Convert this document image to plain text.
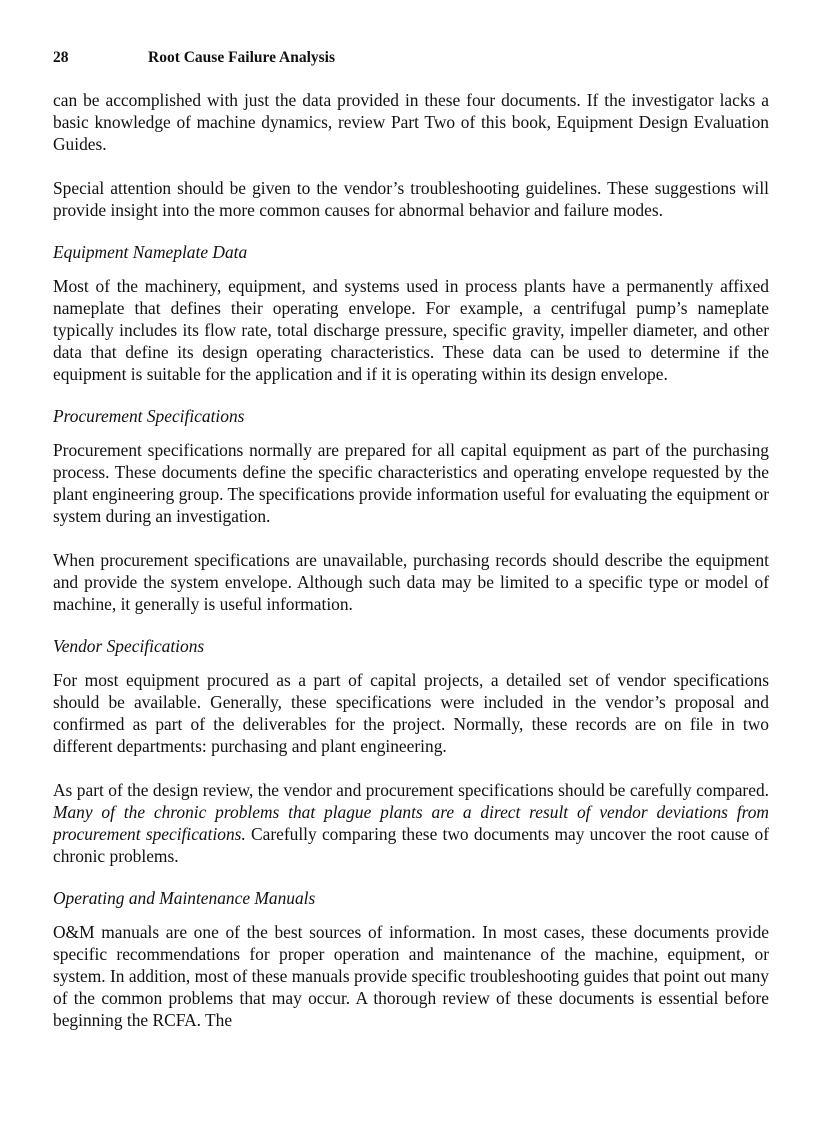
28	Root Cause Failure Analysis

can be accomplished with just the data provided in these four documents. If the investigator lacks a basic knowledge of machine dynamics, review Part Two of this book, Equipment Design Evaluation Guides.

Special attention should be given to the vendor’s troubleshooting guidelines. These suggestions will provide insight into the more common causes for abnormal behavior and failure modes.

Equipment Nameplate Data

Most of the machinery, equipment, and systems used in process plants have a permanently affixed nameplate that defines their operating envelope. For example, a centrifugal pump’s nameplate typically includes its flow rate, total discharge pressure, specific gravity, impeller diameter, and other data that define its design operating characteristics. These data can be used to determine if the equipment is suitable for the application and if it is operating within its design envelope.

Procurement Specifications

Procurement specifications normally are prepared for all capital equipment as part of the purchasing process. These documents define the specific characteristics and operating envelope requested by the plant engineering group. The specifications provide information useful for evaluating the equipment or system during an investigation.

When procurement specifications are unavailable, purchasing records should describe the equipment and provide the system envelope. Although such data may be limited to a specific type or model of machine, it generally is useful information.

Vendor Specifications

For most equipment procured as a part of capital projects, a detailed set of vendor specifications should be available. Generally, these specifications were included in the vendor’s proposal and confirmed as part of the deliverables for the project. Normally, these records are on file in two different departments: purchasing and plant engineering.

As part of the design review, the vendor and procurement specifications should be carefully compared. Many of the chronic problems that plague plants are a direct result of vendor deviations from procurement specifications. Carefully comparing these two documents may uncover the root cause of chronic problems.

Operating and Maintenance Manuals

O&M manuals are one of the best sources of information. In most cases, these documents provide specific recommendations for proper operation and maintenance of the machine, equipment, or system. In addition, most of these manuals provide specific troubleshooting guides that point out many of the common problems that may occur. A thorough review of these documents is essential before beginning the RCFA. The
